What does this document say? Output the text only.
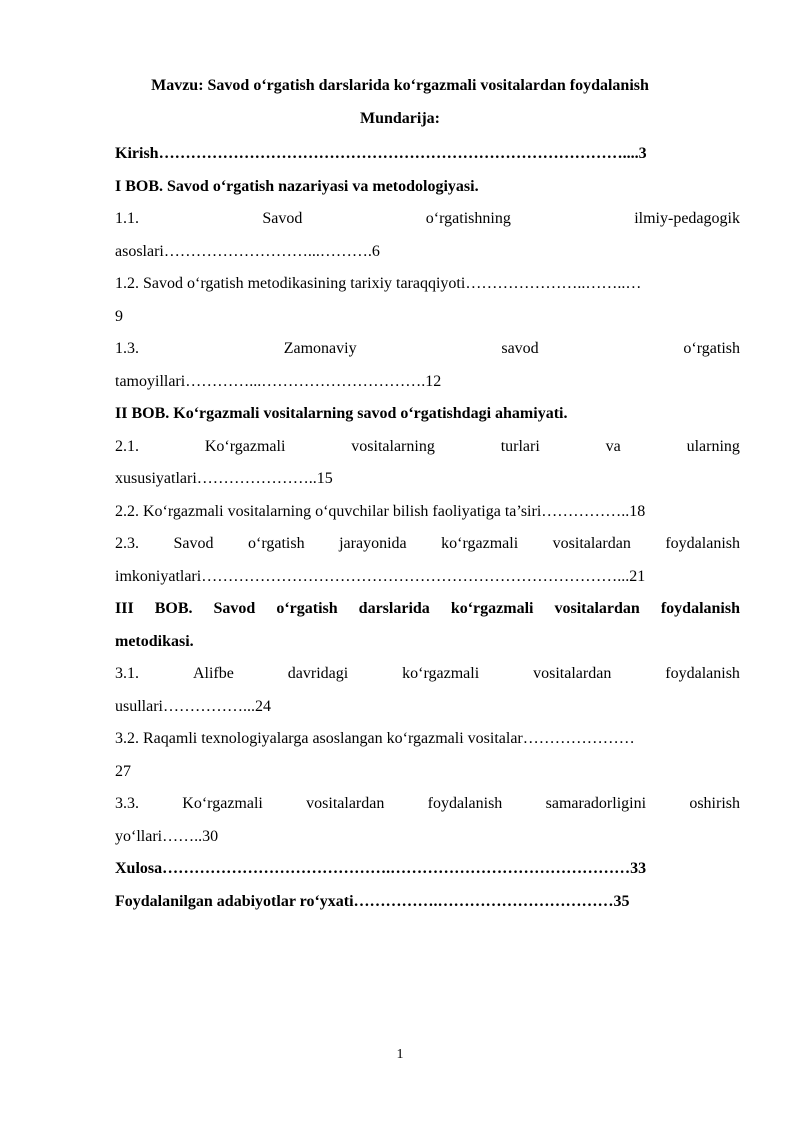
Mavzu: Savod o‘rgatish darslarida ko‘rgazmali vositalardan foydalanish
Mundarija:
Kirish……………………………………………………………………………....3
I BOB. Savod o‘rgatish nazariyasi va metodologiyasi.
1.1.	Savod	o‘rgatishning	ilmiy-pedagogik
asoslari………………………...……….6
1.2. Savod o‘rgatish metodikasining tarixiy taraqqiyoti…………………..……..…
9
1.3.	Zamonaviy	savod	o‘rgatish
tamoyillari…………...………………………….12
II BOB. Ko‘rgazmali vositalarning savod o‘rgatishdagi ahamiyati.
2.1.	Ko‘rgazmali	vositalarning	turlari	va	ularning
xususiyatlari…………………..15
2.2. Ko‘rgazmali vositalarning o‘quvchilar bilish faoliyatiga ta’siri……………..18
2.3. Savod o‘rgatish jarayonida ko‘rgazmali vositalardan foydalanish
imkoniyatlari……………………………………………………………………...21
III BOB. Savod o‘rgatish darslarida ko‘rgazmali vositalardan foydalanish
metodikasi.
3.1.	Alifbe	davridagi	ko‘rgazmali	vositalardan	foydalanish
usullari……………...24
3.2. Raqamli texnologiyalarga asoslangan ko‘rgazmali vositalar…………………
27
3.3.	Ko‘rgazmali	vositalardan	foydalanish	samaradorligini	oshirish
yo‘llari……..30
Xulosa…………………………………….………………………………………33
Foydalanilgan adabiyotlar ro‘yxati…………….……………………………35
1
